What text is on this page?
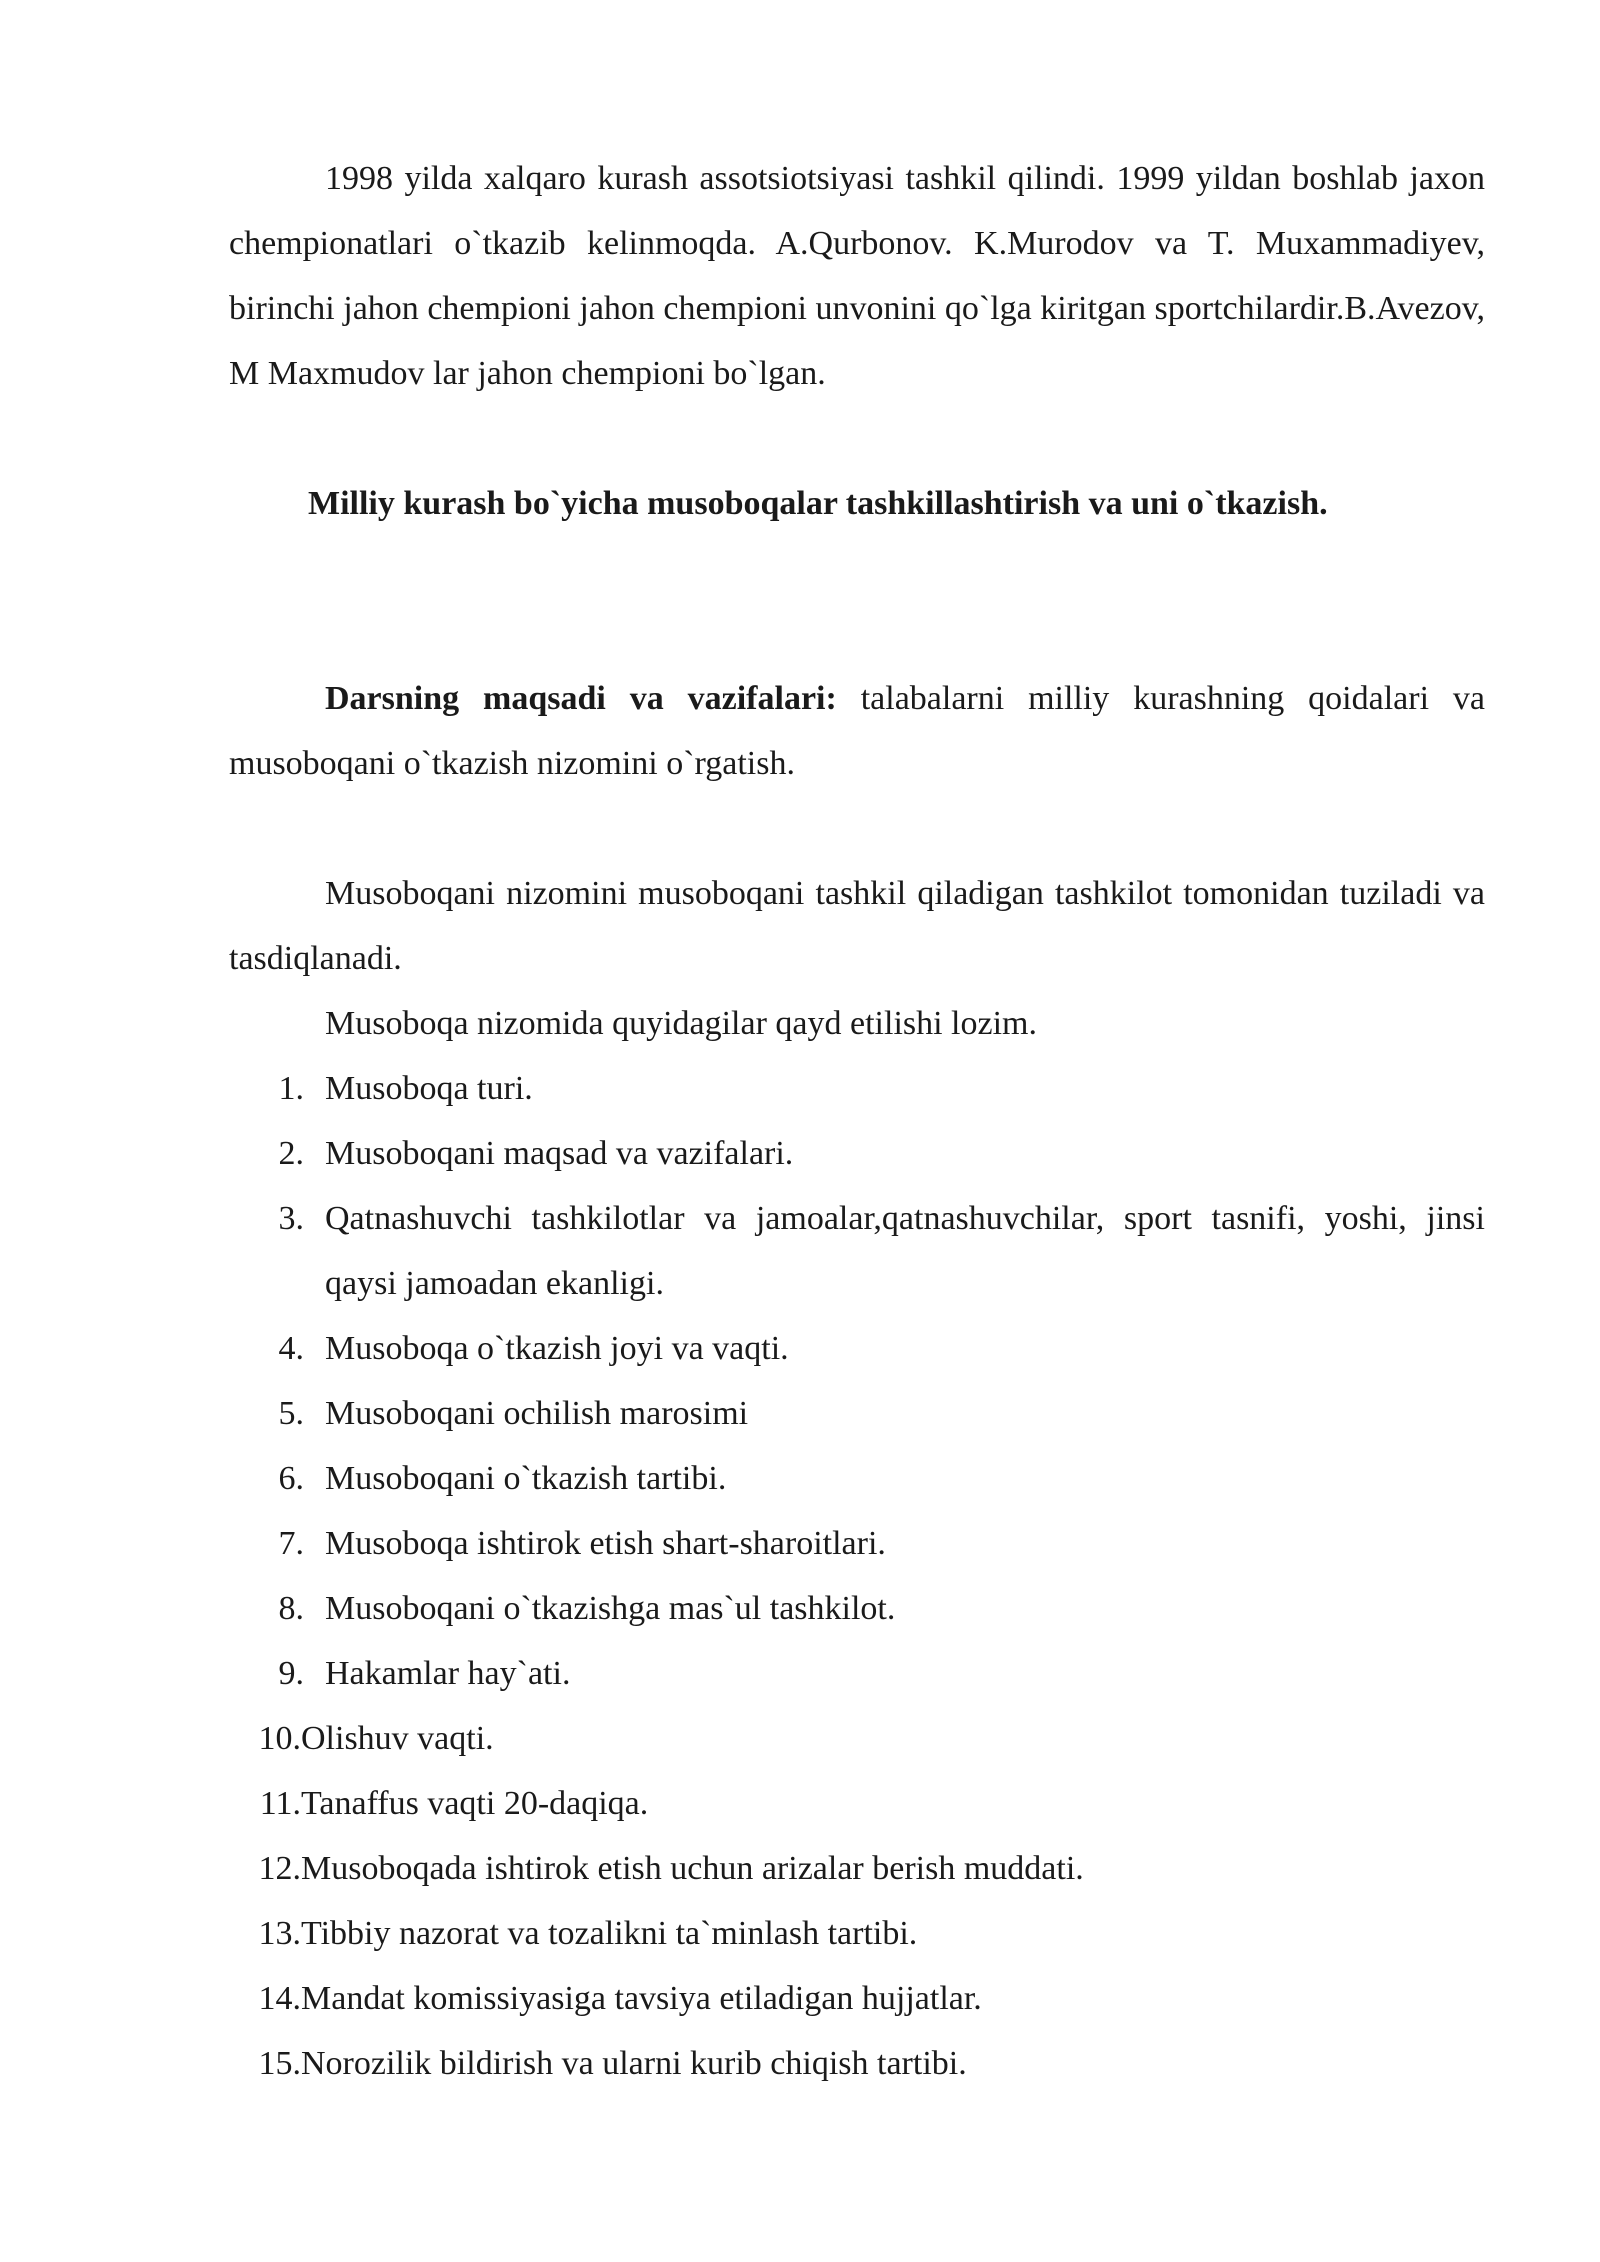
1998 yilda xalqaro kurash assotsiotsiyasi tashkil qilindi. 1999 yildan boshlab jaxon chempionatlari o`tkazib kelinmoqda. A.Qurbonov. K.Murodov va T. Muxammadiyev, birinchi jahon chempioni jahon chempioni unvonini qo`lga kiritgan sportchilardir.B.Avezov, M Maxmudov lar jahon chempioni bo`lgan.

Milliy kurash bo`yicha musoboqalar tashkillashtirish va uni o`tkazish.

Darsning maqsadi va vazifalari: talabalarni milliy kurashning qoidalari va musoboqani o`tkazish nizomini o`rgatish.

Musoboqani nizomini musoboqani tashkil qiladigan tashkilot tomonidan tuziladi va tasdiqlanadi.

Musoboqa nizomida quyidagilar qayd etilishi lozim.

1. Musoboqa turi.
2. Musoboqani maqsad va vazifalari.
3. Qatnashuvchi tashkilotlar va jamoalar,qatnashuvchilar, sport tasnifi, yoshi, jinsi qaysi jamoadan ekanligi.
4. Musoboqa o`tkazish joyi va vaqti.
5. Musoboqani ochilish marosimi
6. Musoboqani o`tkazish tartibi.
7. Musoboqa ishtirok etish shart-sharoitlari.
8. Musoboqani o`tkazishga mas`ul tashkilot.
9. Hakamlar hay`ati.
10. Olishuv vaqti.
11. Tanaffus vaqti 20-daqiqa.
12. Musoboqada ishtirok etish uchun arizalar berish muddati.
13. Tibbiy nazorat va tozalikni ta`minlash tartibi.
14. Mandat komissiyasiga tavsiya etiladigan hujjatlar.
15. Norozilik bildirish va ularni kurib chiqish tartibi.
